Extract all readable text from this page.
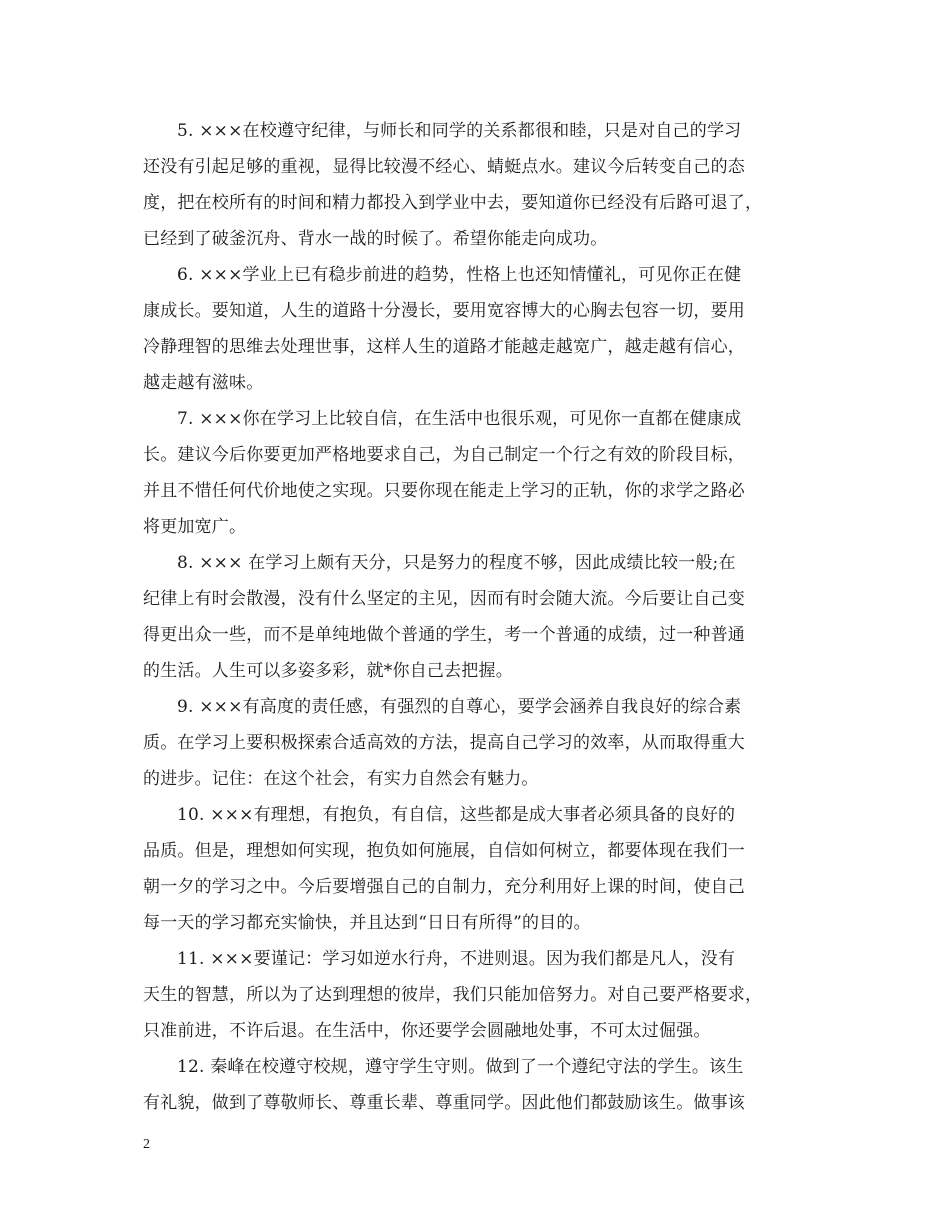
5. ×××在校遵守纪律，与师长和同学的关系都很和睦，只是对自己的学习
还没有引起足够的重视，显得比较漫不经心、蜻蜓点水。建议今后转变自己的态
度，把在校所有的时间和精力都投入到学业中去，要知道你已经没有后路可退了，
已经到了破釜沉舟、背水一战的时候了。希望你能走向成功。
6. ×××学业上已有稳步前进的趋势，性格上也还知情懂礼，可见你正在健
康成长。要知道，人生的道路十分漫长，要用宽容博大的心胸去包容一切，要用
冷静理智的思维去处理世事，这样人生的道路才能越走越宽广，越走越有信心，
越走越有滋味。
7. ×××你在学习上比较自信，在生活中也很乐观，可见你一直都在健康成
长。建议今后你要更加严格地要求自己，为自己制定一个行之有效的阶段目标，
并且不惜任何代价地使之实现。只要你现在能走上学习的正轨，你的求学之路必
将更加宽广。
8. ××× 在学习上颇有天分，只是努力的程度不够，因此成绩比较一般;在
纪律上有时会散漫，没有什么坚定的主见，因而有时会随大流。今后要让自己变
得更出众一些，而不是单纯地做个普通的学生，考一个普通的成绩，过一种普通
的生活。人生可以多姿多彩，就*你自己去把握。
9. ×××有高度的责任感，有强烈的自尊心，要学会涵养自我良好的综合素
质。在学习上要积极探索合适高效的方法，提高自己学习的效率，从而取得重大
的进步。记住：在这个社会，有实力自然会有魅力。
10. ×××有理想，有抱负，有自信，这些都是成大事者必须具备的良好的
品质。但是，理想如何实现，抱负如何施展，自信如何树立，都要体现在我们一
朝一夕的学习之中。今后要增强自己的自制力，充分利用好上课的时间，使自己
每一天的学习都充实愉快，并且达到“日日有所得”的目的。
11. ×××要谨记：学习如逆水行舟，不进则退。因为我们都是凡人，没有
天生的智慧，所以为了达到理想的彼岸，我们只能加倍努力。对自己要严格要求，
只准前进，不许后退。在生活中，你还要学会圆融地处事，不可太过倔强。
12. 秦峰在校遵守校规，遵守学生守则。做到了一个遵纪守法的学生。该生
有礼貌，做到了尊敬师长、尊重长辈、尊重同学。因此他们都鼓励该生。做事该
2
